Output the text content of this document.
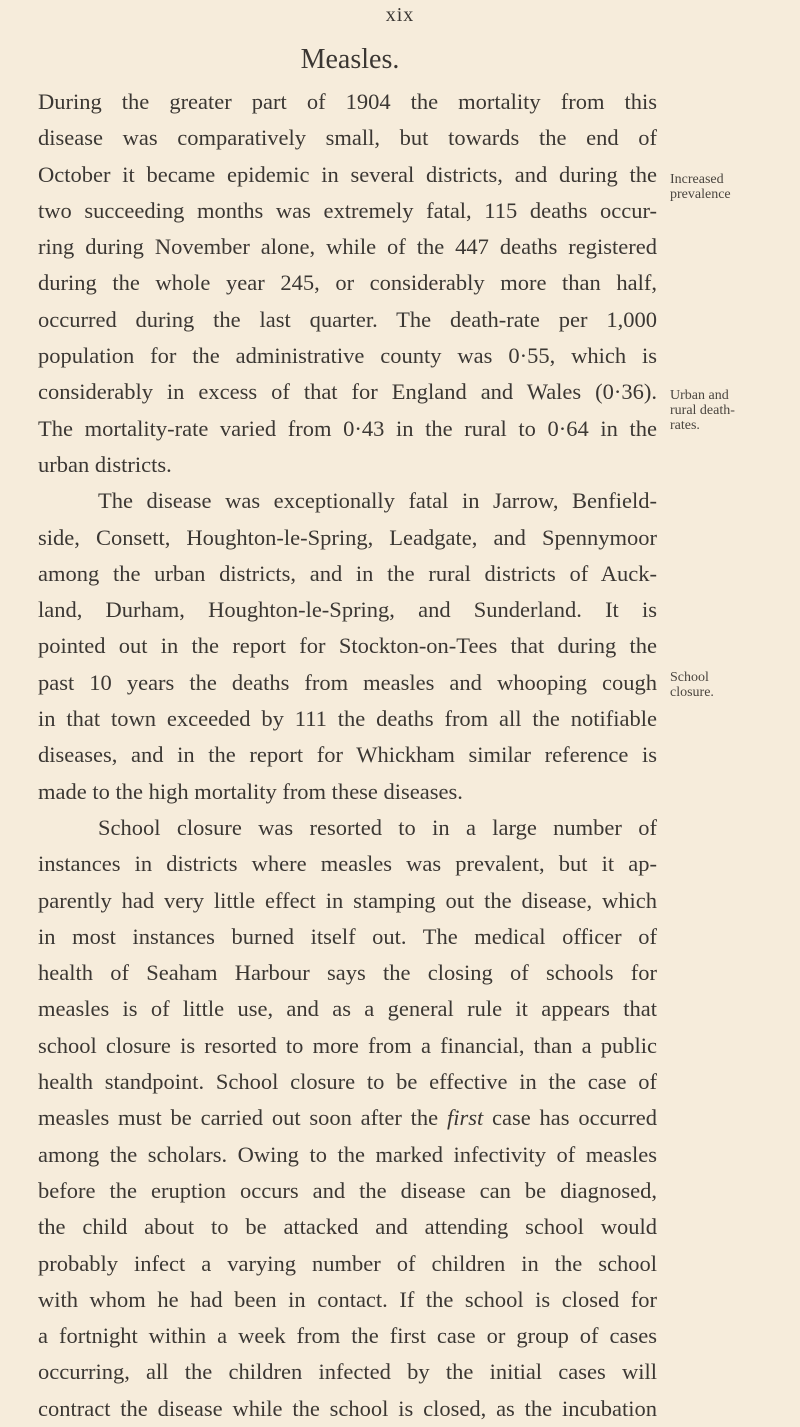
xix
Measles.
During the greater part of 1904 the mortality from this
disease was comparatively small, but towards the end of
October it became epidemic in several districts, and during the
two succeeding months was extremely fatal, 115 deaths occur-
ring during November alone, while of the 447 deaths registered
during the whole year 245, or considerably more than half,
occurred during the last quarter. The death-rate per 1,000
population for the administrative county was 0·55, which is
considerably in excess of that for England and Wales (0·36).
The mortality-rate varied from 0·43 in the rural to 0·64 in the
urban districts.
The disease was exceptionally fatal in Jarrow, Benfield-
side, Consett, Houghton-le-Spring, Leadgate, and Spennymoor
among the urban districts, and in the rural districts of Auck-
land, Durham, Houghton-le-Spring, and Sunderland. It is
pointed out in the report for Stockton-on-Tees that during the
past 10 years the deaths from measles and whooping cough
in that town exceeded by 111 the deaths from all the notifiable
diseases, and in the report for Whickham similar reference is
made to the high mortality from these diseases.
School closure was resorted to in a large number of
instances in districts where measles was prevalent, but it ap-
parently had very little effect in stamping out the disease, which
in most instances burned itself out. The medical officer of
health of Seaham Harbour says the closing of schools for
measles is of little use, and as a general rule it appears that
school closure is resorted to more from a financial, than a public
health standpoint. School closure to be effective in the case of
measles must be carried out soon after the first case has occurred
among the scholars. Owing to the marked infectivity of measles
before the eruption occurs and the disease can be diagnosed,
the child about to be attacked and attending school would
probably infect a varying number of children in the school
with whom he had been in contact. If the school is closed for
a fortnight within a week from the first case or group of cases
occurring, all the children infected by the initial cases will
contract the disease while the school is closed, as the incubation
Increased
prevalence
Urban and
rural death-
rates.
School
closure.
